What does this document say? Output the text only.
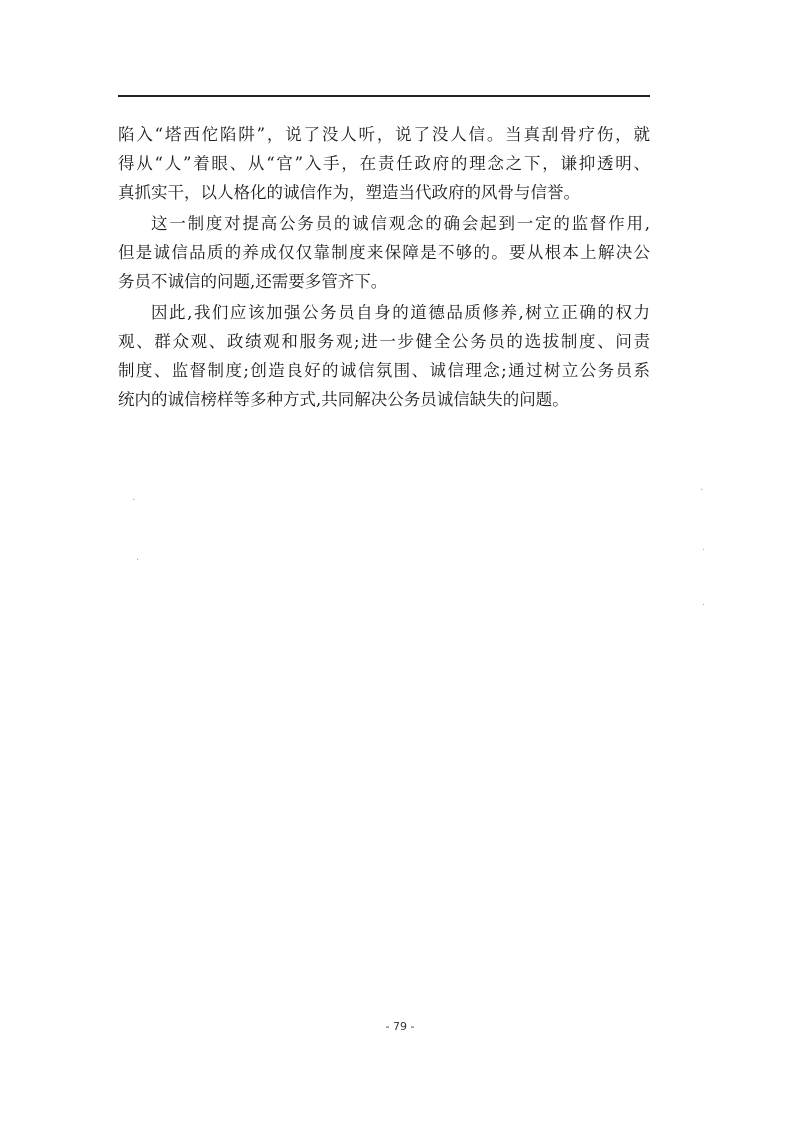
陷入“塔西佗陷阱”，说了没人听，说了没人信。当真刮骨疗伤，就
得从“人”着眼、从“官”入手，在责任政府的理念之下，谦抑透明、
真抓实干，以人格化的诚信作为，塑造当代政府的风骨与信誉。
这一制度对提高公务员的诚信观念的确会起到一定的监督作用,
但是诚信品质的养成仅仅靠制度来保障是不够的。要从根本上解决公
务员不诚信的问题,还需要多管齐下。
因此,我们应该加强公务员自身的道德品质修养,树立正确的权力
观、群众观、政绩观和服务观;进一步健全公务员的选拔制度、问责
制度、监督制度;创造良好的诚信氛围、诚信理念;通过树立公务员系
统内的诚信榜样等多种方式,共同解决公务员诚信缺失的问题。
·
·
·
·
·
- 79 -
